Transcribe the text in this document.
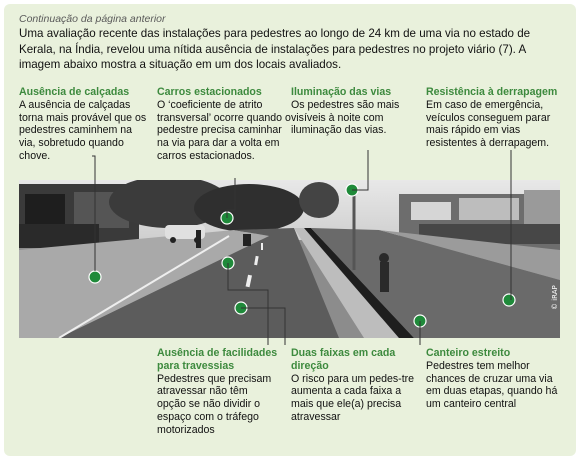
Continuação da página anterior
Uma avaliação recente das instalações para pedestres ao longo de 24 km de uma via no estado de Kerala, na Índia, revelou uma nítida ausência de instalações para pedestres no projeto viário (7). A imagem abaixo mostra a situação em um dos locais avaliados.
Ausência de calçadas
A ausência de calçadas torna mais provável que os pedestres caminhem na via, sobretudo quando chove.
Carros estacionados
O ‘coeficiente de atrito transversal’ ocorre quando o pedestre precisa caminhar na via para dar a volta em carros estacionados.
Iluminação das vias
Os pedestres são mais visíveis à noite com iluminação das vias.
Resistência à derrapagem
Em caso de emergência, veículos conseguem parar mais rápido em vias resistentes à derrapagem.
© iRAP
Ausência de facilidades para travessias
Pedestres que precisam atravessar não têm opção se não dividir o espaço com o tráfego motorizados
Duas faixas em cada direção
O risco para um pedes-tre aumenta a cada faixa a mais que ele(a) precisa atravessar
Canteiro estreito
Pedestres tem melhor chances de cruzar uma via em duas etapas, quando há um canteiro central
